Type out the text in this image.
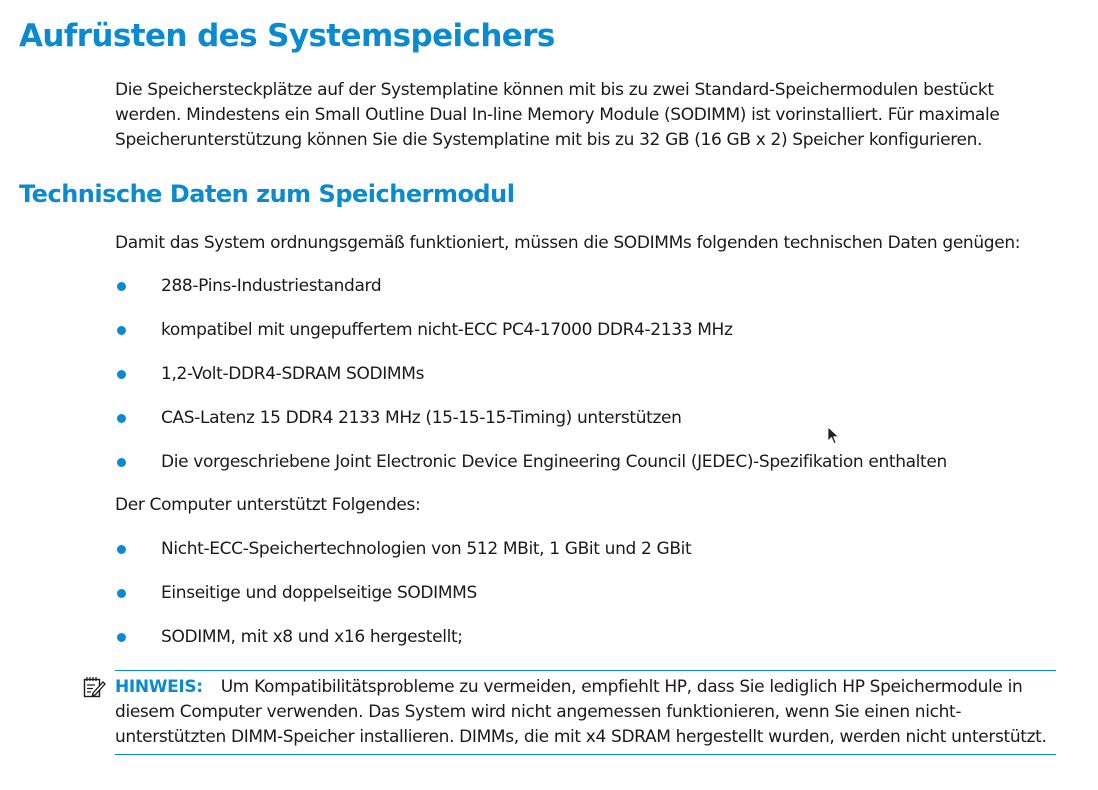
Aufrüsten des Systemspeichers

Die Speichersteckplätze auf der Systemplatine können mit bis zu zwei Standard-Speichermodulen bestückt werden. Mindestens ein Small Outline Dual In-line Memory Module (SODIMM) ist vorinstalliert. Für maximale Speicherunterstützung können Sie die Systemplatine mit bis zu 32 GB (16 GB x 2) Speicher konfigurieren.

Technische Daten zum Speichermodul

Damit das System ordnungsgemäß funktioniert, müssen die SODIMMs folgenden technischen Daten genügen:

288-Pins-Industriestandard
kompatibel mit ungepuffertem nicht-ECC PC4-17000 DDR4-2133 MHz
1,2-Volt-DDR4-SDRAM SODIMMs
CAS-Latenz 15 DDR4 2133 MHz (15-15-15-Timing) unterstützen
Die vorgeschriebene Joint Electronic Device Engineering Council (JEDEC)-Spezifikation enthalten

Der Computer unterstützt Folgendes:

Nicht-ECC-Speichertechnologien von 512 MBit, 1 GBit und 2 GBit
Einseitige und doppelseitige SODIMMS
SODIMM, mit x8 und x16 hergestellt;
HINWEIS: Um Kompatibilitätsprobleme zu vermeiden, empfiehlt HP, dass Sie lediglich HP Speichermodule in diesem Computer verwenden. Das System wird nicht angemessen funktionieren, wenn Sie einen nicht-unterstützten DIMM-Speicher installieren. DIMMs, die mit x4 SDRAM hergestellt wurden, werden nicht unterstützt.
